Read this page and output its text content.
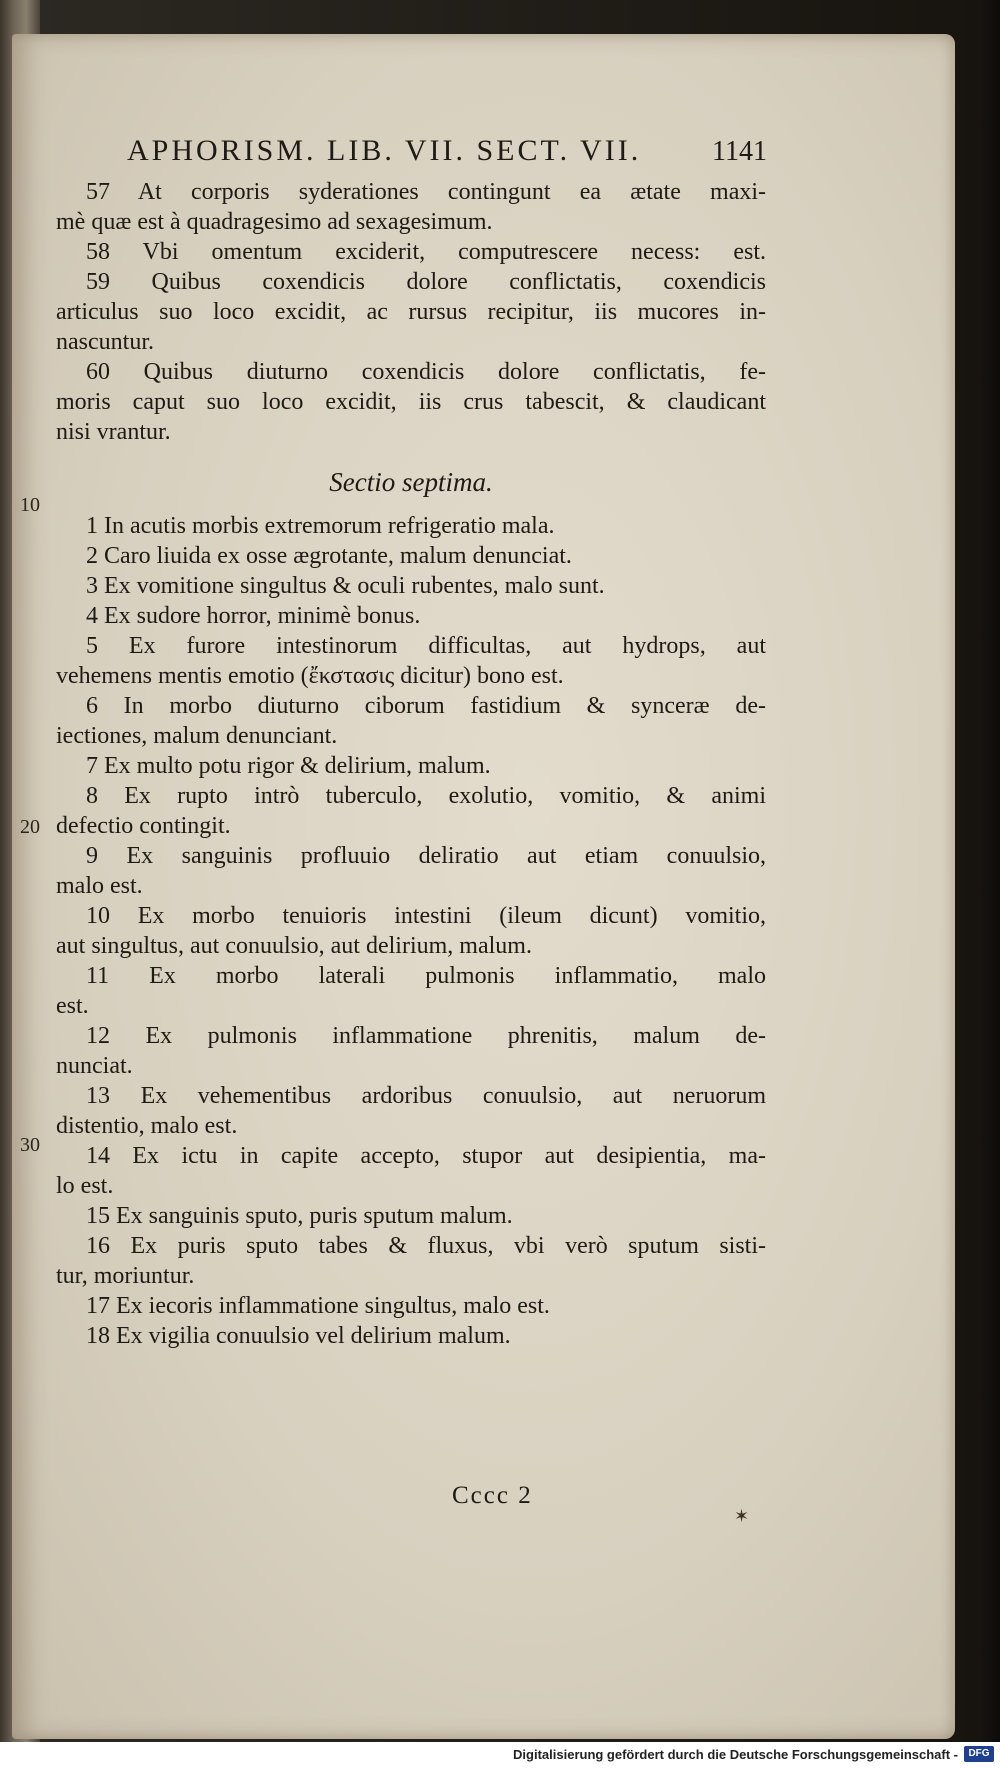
APHORISM. LIB. VII. SECT. VII.	1141
10
20
30
57 At corporis syderationes contingunt ea ætate maxi-
mè quæ est à quadragesimo ad sexagesimum.
58 Vbi omentum exciderit, computrescere necess: est.
59 Quibus coxendicis dolore conflictatis, coxendicis
articulus suo loco excidit, ac rursus recipitur, iis mucores in-
nascuntur.
60 Quibus diuturno coxendicis dolore conflictatis, fe-
moris caput suo loco excidit, iis crus tabescit, & claudicant
nisi vrantur.
Sectio septima.
1 In acutis morbis extremorum refrigeratio mala.
2 Caro liuida ex osse ægrotante, malum denunciat.
3 Ex vomitione singultus & oculi rubentes, malo sunt.
4 Ex sudore horror, minimè bonus.
5 Ex furore intestinorum difficultas, aut hydrops, aut
vehemens mentis emotio (ἔκστασις dicitur) bono est.
6 In morbo diuturno ciborum fastidium & synceræ de-
iectiones, malum denunciant.
7 Ex multo potu rigor & delirium, malum.
8 Ex rupto intrò tuberculo, exolutio, vomitio, & animi
defectio contingit.
9 Ex sanguinis profluuio deliratio aut etiam conuulsio,
malo est.
10 Ex morbo tenuioris intestini (ileum dicunt) vomitio,
aut singultus, aut conuulsio, aut delirium, malum.
11 Ex morbo laterali pulmonis inflammatio, malo
est.
12 Ex pulmonis inflammatione phrenitis, malum de-
nunciat.
13 Ex vehementibus ardoribus conuulsio, aut neruorum
distentio, malo est.
14 Ex ictu in capite accepto, stupor aut desipientia, ma-
lo est.
15 Ex sanguinis sputo, puris sputum malum.
16 Ex puris sputo tabes & fluxus, vbi verò sputum sisti-
tur, moriuntur.
17 Ex iecoris inflammatione singultus, malo est.
18 Ex vigilia conuulsio vel delirium malum.
Cccc 2
✶
Digitalisierung gefördert durch die Deutsche Forschungsgemeinschaft -	DFG
